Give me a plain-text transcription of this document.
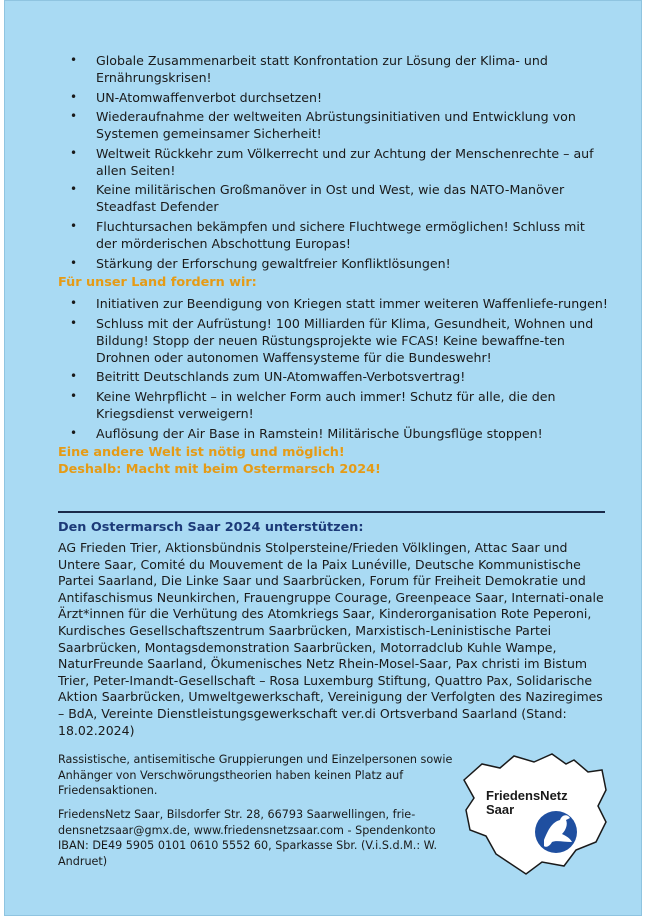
• Globale Zusammenarbeit statt Konfrontation zur Lösung der Klima- und Ernährungskrisen!
• UN-Atomwaffenverbot durchsetzen!
• Wiederaufnahme der weltweiten Abrüstungsinitiativen und Entwicklung von Systemen gemeinsamer Sicherheit!
• Weltweit Rückkehr zum Völkerrecht und zur Achtung der Menschenrechte – auf allen Seiten!
• Keine militärischen Großmanöver in Ost und West, wie das NATO-Manöver Steadfast Defender
• Fluchtursachen bekämpfen und sichere Fluchtwege ermöglichen! Schluss mit der mörderischen Abschottung Europas!
• Stärkung der Erforschung gewaltfreier Konfliktlösungen!
Für unser Land fordern wir:
• Initiativen zur Beendigung von Kriegen statt immer weiteren Waffenliefe-rungen!
• Schluss mit der Aufrüstung! 100 Milliarden für Klima, Gesundheit, Wohnen und Bildung! Stopp der neuen Rüstungsprojekte wie FCAS! Keine bewaffne-ten Drohnen oder autonomen Waffensysteme für die Bundeswehr!
• Beitritt Deutschlands zum UN-Atomwaffen-Verbotsvertrag!
• Keine Wehrpflicht – in welcher Form auch immer! Schutz für alle, die den Kriegsdienst verweigern!
• Auflösung der Air Base in Ramstein! Militärische Übungsflüge stoppen!
Eine andere Welt ist nötig und möglich!
Deshalb: Macht mit beim Ostermarsch 2024!
Den Ostermarsch Saar 2024 unterstützen:
AG Frieden Trier, Aktionsbündnis Stolpersteine/Frieden Völklingen, Attac Saar und Untere Saar, Comité du Mouvement de la Paix Lunéville, Deutsche Kommunistische Partei Saarland, Die Linke Saar und Saarbrücken, Forum für Freiheit Demokratie und Antifaschismus Neunkirchen, Frauengruppe Courage, Greenpeace Saar, Internati-onale Ärzt*innen für die Verhütung des Atomkriegs Saar, Kinderorganisation Rote Peperoni, Kurdisches Gesellschaftszentrum Saarbrücken, Marxistisch-Leninistische Partei Saarbrücken, Montagsdemonstration Saarbrücken, Motorradclub Kuhle Wampe, NaturFreunde Saarland, Ökumenisches Netz Rhein-Mosel-Saar, Pax christi im Bistum Trier, Peter-Imandt-Gesellschaft – Rosa Luxemburg Stiftung, Quattro Pax, Solidarische Aktion Saarbrücken, Umweltgewerkschaft, Vereinigung der Verfolgten des Naziregimes – BdA, Vereinte Dienstleistungsgewerkschaft ver.di Ortsverband Saarland (Stand: 18.02.2024)
Rassistische, antisemitische Gruppierungen und Einzelpersonen sowie Anhänger von Verschwörungstheorien haben keinen Platz auf Friedensaktionen.
FriedensNetz Saar, Bilsdorfer Str. 28, 66793 Saarwellingen, frie-densnetzsaar@gmx.de, www.friedensnetzsaar.com - Spendenkonto IBAN: DE49 5905 0101 0610 5552 60, Sparkasse Sbr. (V.i.S.d.M.: W. Andruet)
FriedensNetz
Saar
